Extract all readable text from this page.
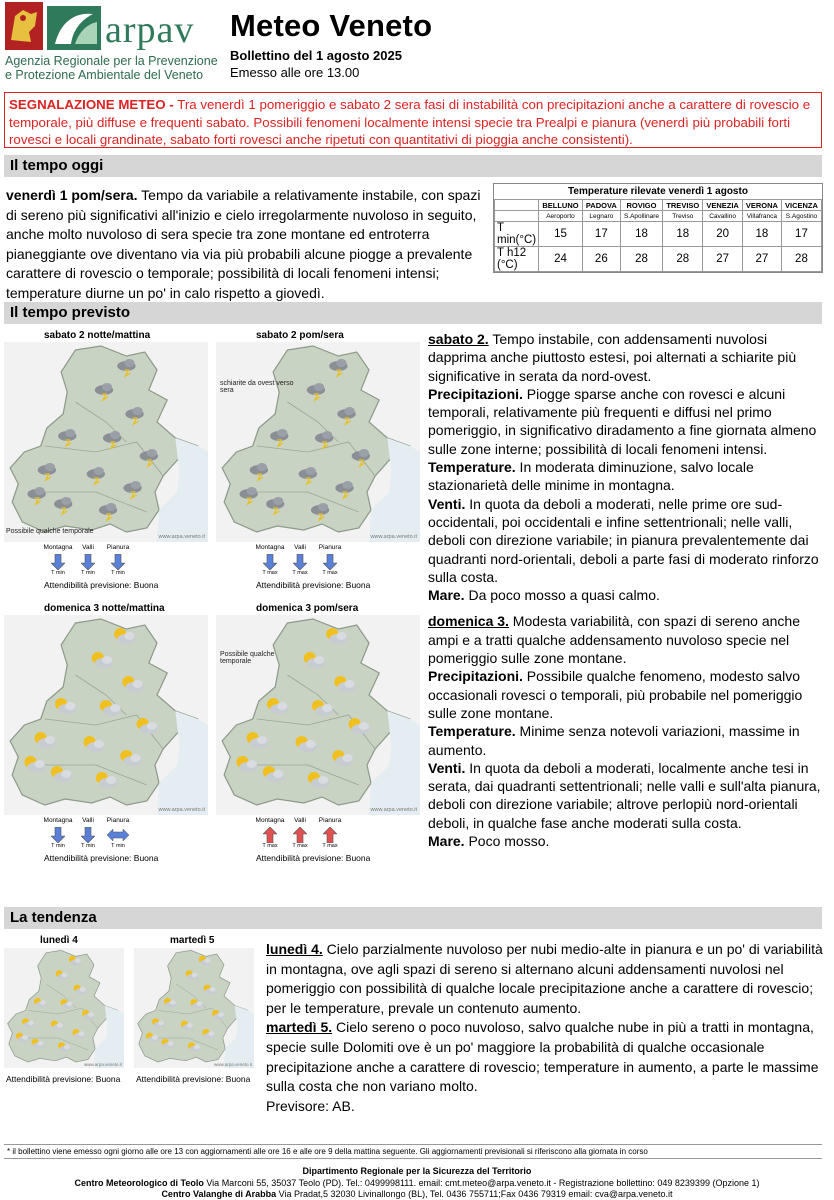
arpav
Agenzia Regionale per la Prevenzione
e Protezione Ambientale del Veneto
Meteo Veneto
Bollettino del 1 agosto 2025
Emesso alle ore 13.00
SEGNALAZIONE METEO - Tra venerdì 1 pomeriggio e sabato 2 sera fasi di instabilità con precipitazioni anche a carattere di rovescio e temporale, più diffuse e frequenti sabato. Possibili fenomeni localmente intensi specie tra Prealpi e pianura (venerdì più probabili forti rovesci e locali grandinate, sabato forti rovesci anche ripetuti con quantitativi di pioggia anche consistenti).
Il tempo oggi
venerdì 1 pom/sera. Tempo da variabile a relativamente instabile, con spazi di sereno più significativi all'inizio e cielo irregolarmente nuvoloso in seguito, anche molto nuvoloso di sera specie tra zone montane ed entroterra pianeggiante ove diventano via via più probabili alcune piogge a prevalente carattere di rovescio o temporale; possibilità di locali fenomeni intensi; temperature diurne un po' in calo rispetto a giovedì.
Temperature rilevate venerdì 1 agosto
	BELLUNO	PADOVA	ROVIGO	TREVISO	VENEZIA	VERONA	VICENZA
	Aeroporto	Legnaro	S.Apollinare	Treviso	Cavallino	Villafranca	S.Agostino
T min(°C)	15	17	18	18	20	18	17
T h12 (°C)	24	26	28	28	27	27	28
Il tempo previsto
sabato 2 notte/mattina
Possibile qualche temporale
www.arpa.veneto.it
Montagna
T min
Valli
T min
Pianura
T min
Attendibilità previsione: Buona
sabato 2 pom/sera
schiarite da ovest verso sera
www.arpa.veneto.it
Montagna
T max
Valli
T max
Pianura
T max
Attendibilità previsione: Buona
domenica 3 notte/mattina
www.arpa.veneto.it
Montagna
T min
Valli
T min
Pianura
T min
Attendibilità previsione: Buona
domenica 3 pom/sera
Possibile qualche temporale
www.arpa.veneto.it
Montagna
T max
Valli
T max
Pianura
T max
Attendibilità previsione: Buona

sabato 2. Tempo instabile, con addensamenti nuvolosi dapprima anche piuttosto estesi, poi alternati a schiarite più significative in serata da nord-ovest.

Precipitazioni. Piogge sparse anche con rovesci e alcuni temporali, relativamente più frequenti e diffusi nel primo pomeriggio, in significativo diradamento a fine giornata almeno sulle zone interne; possibilità di locali fenomeni intensi.

Temperature. In moderata diminuzione, salvo locale stazionarietà delle minime in montagna.

Venti. In quota da deboli a moderati, nelle prime ore sud-occidentali, poi occidentali e infine settentrionali; nelle valli, deboli con direzione variabile; in pianura prevalentemente dai quadranti nord-orientali, deboli a parte fasi di moderato rinforzo sulla costa.

Mare. Da poco mosso a quasi calmo.

domenica 3. Modesta variabilità, con spazi di sereno anche ampi e a tratti qualche addensamento nuvoloso specie nel pomeriggio sulle zone montane.

Precipitazioni. Possibile qualche fenomeno, modesto salvo occasionali rovesci o temporali, più probabile nel pomeriggio sulle zone montane.

Temperature. Minime senza notevoli variazioni, massime in aumento.

Venti. In quota da deboli a moderati, localmente anche tesi in serata, dai quadranti settentrionali; nelle valli e sull'alta pianura, deboli con direzione variabile; altrove perlopiù nord-orientali deboli, in qualche fase anche moderati sulla costa.

Mare. Poco mosso.

La tendenza
lunedì 4
www.arpa.veneto.it
Attendibilità previsione: Buona
martedì 5
www.arpa.veneto.it
Attendibilità previsione: Buona
lunedì 4. Cielo parzialmente nuvoloso per nubi medio-alte in pianura e un po' di variabilità in montagna, ove agli spazi di sereno si alternano alcuni addensamenti nuvolosi nel pomeriggio con possibilità di qualche locale precipitazione anche a carattere di rovescio; per le temperature, prevale un contenuto aumento.
martedì 5. Cielo sereno o poco nuvoloso, salvo qualche nube in più a tratti in montagna, specie sulle Dolomiti ove è un po' maggiore la probabilità di qualche occasionale precipitazione anche a carattere di rovescio; temperature in aumento, a parte le massime sulla costa che non variano molto.
Previsore: AB.
* il bollettino viene emesso ogni giorno alle ore 13 con aggiornamenti alle ore 16 e alle ore 9 della mattina seguente. Gli aggiornamenti previsionali si riferiscono alla giornata in corso
Dipartimento Regionale per la Sicurezza del Territorio
Centro Meteorologico di Teolo Via Marconi 55, 35037 Teolo (PD). Tel.: 0499998111. email: cmt.meteo@arpa.veneto.it - Registrazione bollettino: 049 8239399 (Opzione 1)
Centro Valanghe di Arabba Via Pradat,5 32030 Livinallongo (BL), Tel. 0436 755711;Fax 0436 79319 email: cva@arpa.veneto.it
